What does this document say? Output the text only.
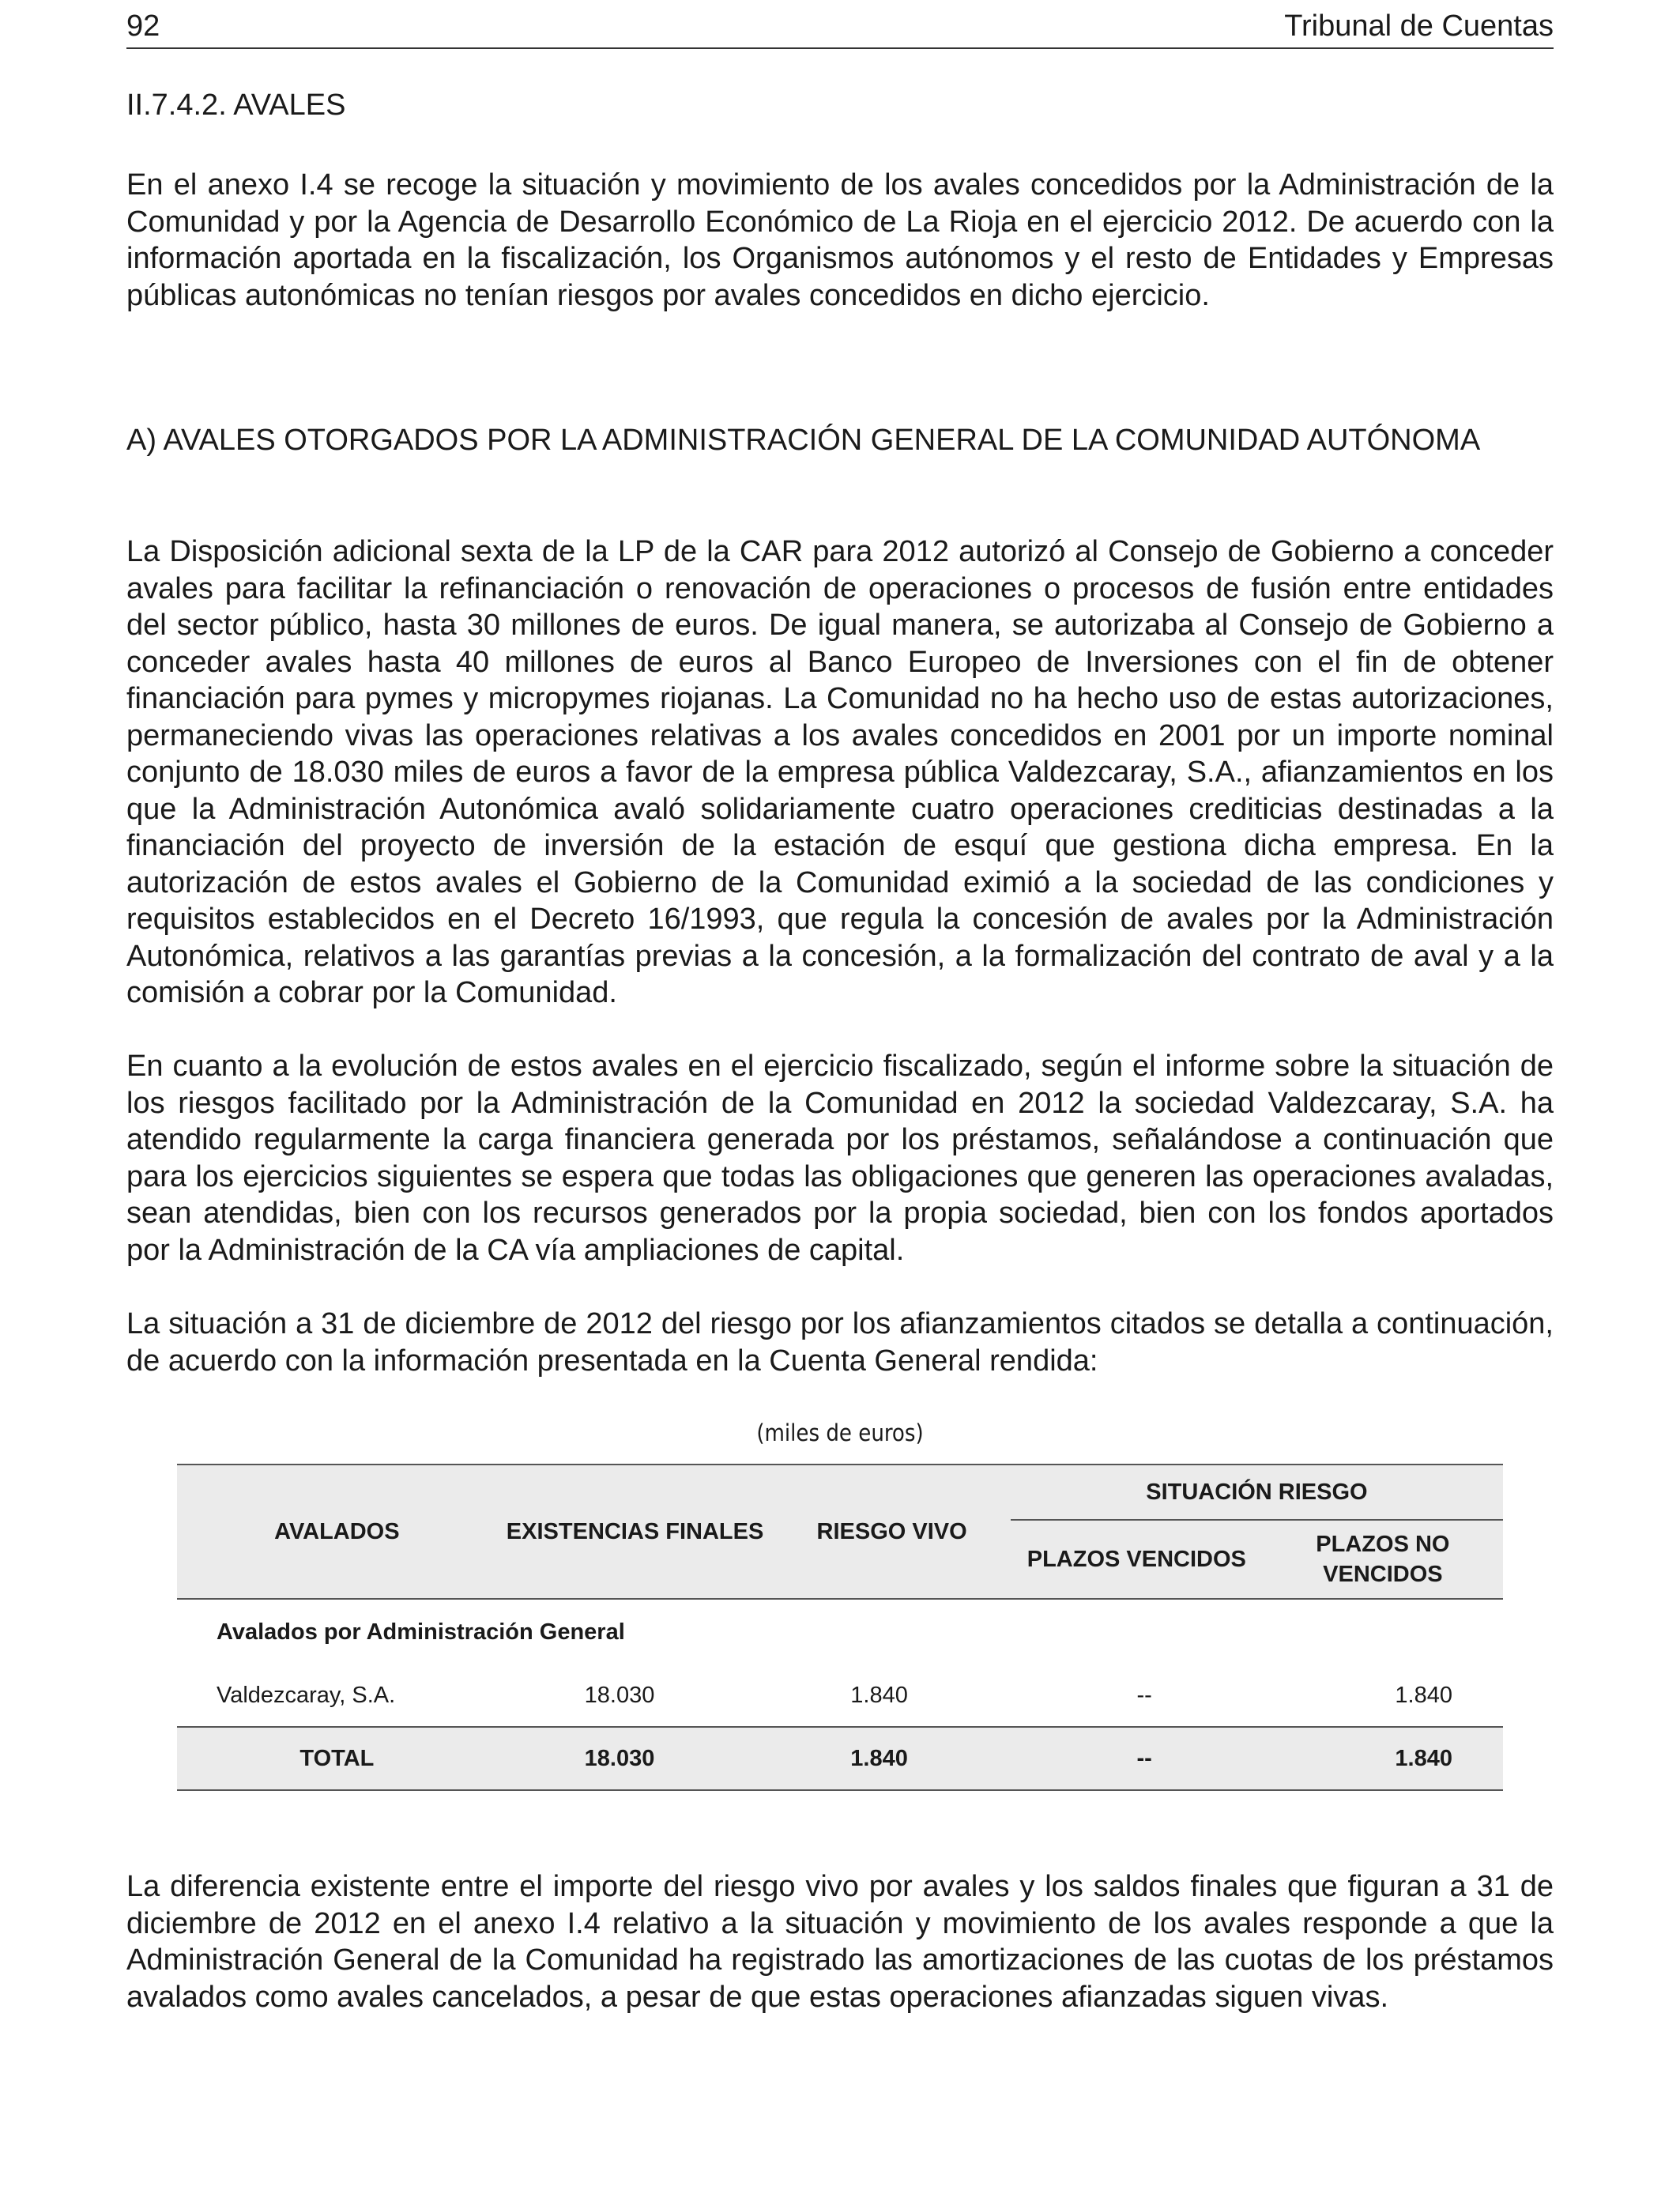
92	Tribunal de Cuentas
II.7.4.2. AVALES

En el anexo I.4 se recoge la situación y movimiento de los avales concedidos por la Administración de la Comunidad y por la Agencia de Desarrollo Económico de La Rioja en el ejercicio 2012. De acuerdo con la información aportada en la fiscalización, los Organismos autónomos y el resto de Entidades y Empresas públicas autonómicas no tenían riesgos por avales concedidos en dicho ejercicio.

A) AVALES OTORGADOS POR LA ADMINISTRACIÓN GENERAL DE LA COMUNIDAD AUTÓNOMA

La Disposición adicional sexta de la LP de la CAR para 2012 autorizó al Consejo de Gobierno a conceder avales para facilitar la refinanciación o renovación de operaciones o procesos de fusión entre entidades del sector público, hasta 30 millones de euros. De igual manera, se autorizaba al Consejo de Gobierno a conceder avales hasta 40 millones de euros al Banco Europeo de Inversiones con el fin de obtener financiación para pymes y micropymes riojanas. La Comunidad no ha hecho uso de estas autorizaciones, permaneciendo vivas las operaciones relativas a los avales concedidos en 2001 por un importe nominal conjunto de 18.030 miles de euros a favor de la empresa pública Valdezcaray, S.A., afianzamientos en los que la Administración Autonómica avaló solidariamente cuatro operaciones crediticias destinadas a la financiación del proyecto de inversión de la estación de esquí que gestiona dicha empresa. En la autorización de estos avales el Gobierno de la Comunidad eximió a la sociedad de las condiciones y requisitos establecidos en el Decreto 16/1993, que regula la concesión de avales por la Administración Autonómica, relativos a las garantías previas a la concesión, a la formalización del contrato de aval y a la comisión a cobrar por la Comunidad.

En cuanto a la evolución de estos avales en el ejercicio fiscalizado, según el informe sobre la situación de los riesgos facilitado por la Administración de la Comunidad en 2012 la sociedad Valdezcaray, S.A. ha atendido regularmente la carga financiera generada por los préstamos, señalándose a continuación que para los ejercicios siguientes se espera que todas las obligaciones que generen las operaciones avaladas, sean atendidas, bien con los recursos generados por la propia sociedad, bien con los fondos aportados por la Administración de la CA vía ampliaciones de capital.

La situación a 31 de diciembre de 2012 del riesgo por los afianzamientos citados se detalla a continuación, de acuerdo con la información presentada en la Cuenta General rendida:

(miles de euros)
AVALADOS	EXISTENCIAS FINALES	RIESGO VIVO	SITUACIÓN RIESGO	
			PLAZOS VENCIDOS	PLAZOS NO VENCIDOS
Avalados por Administración General				
Valdezcaray, S.A.	18.030	1.840	--	1.840
TOTAL	18.030	1.840	--	1.840

La diferencia existente entre el importe del riesgo vivo por avales y los saldos finales que figuran a 31 de diciembre de 2012 en el anexo I.4 relativo a la situación y movimiento de los avales responde a que la Administración General de la Comunidad ha registrado las amortizaciones de las cuotas de los préstamos avalados como avales cancelados, a pesar de que estas operaciones afianzadas siguen vivas.
